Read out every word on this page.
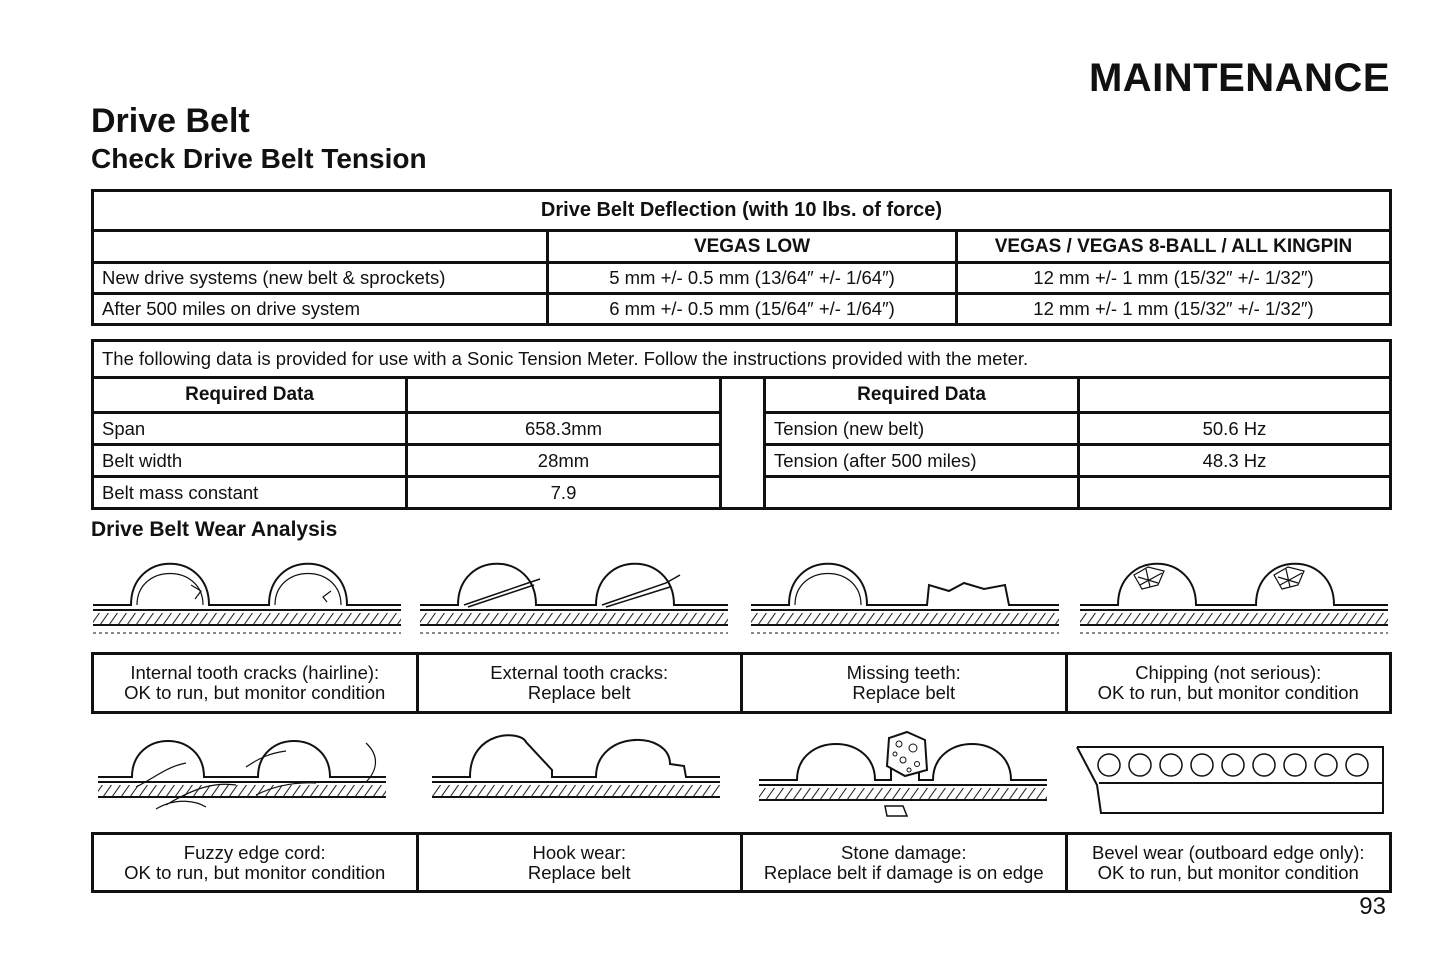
MAINTENANCE
Drive Belt
Check Drive Belt Tension
Drive Belt Deflection (with 10 lbs. of force)		
	VEGAS LOW	VEGAS / VEGAS 8-BALL / ALL KINGPIN
New drive systems (new belt & sprockets)	5 mm +/- 0.5 mm (13/64″ +/- 1/64″)	12 mm +/- 1 mm (15/32″ +/- 1/32″)
After 500 miles on drive system	6 mm +/- 0.5 mm (15/64″ +/- 1/64″)	12 mm +/- 1 mm (15/32″ +/- 1/32″)
The following data is provided for use with a Sonic Tension Meter. Follow the instructions provided with the meter.				
Required Data			Required Data	
Span	658.3mm		Tension (new belt)	50.6 Hz
Belt width	28mm		Tension (after 500 miles)	48.3 Hz
Belt mass constant	7.9			
Drive Belt Wear Analysis
Internal tooth cracks (hairline):
OK to run, but monitor condition

External tooth cracks:
Replace belt

Missing teeth:
Replace belt

Chipping (not serious):
OK to run, but monitor condition
Fuzzy edge cord:
OK to run, but monitor condition

Hook wear:
Replace belt

Stone damage:
Replace belt if damage is on edge

Bevel wear (outboard edge only):
OK to run, but monitor condition
93
